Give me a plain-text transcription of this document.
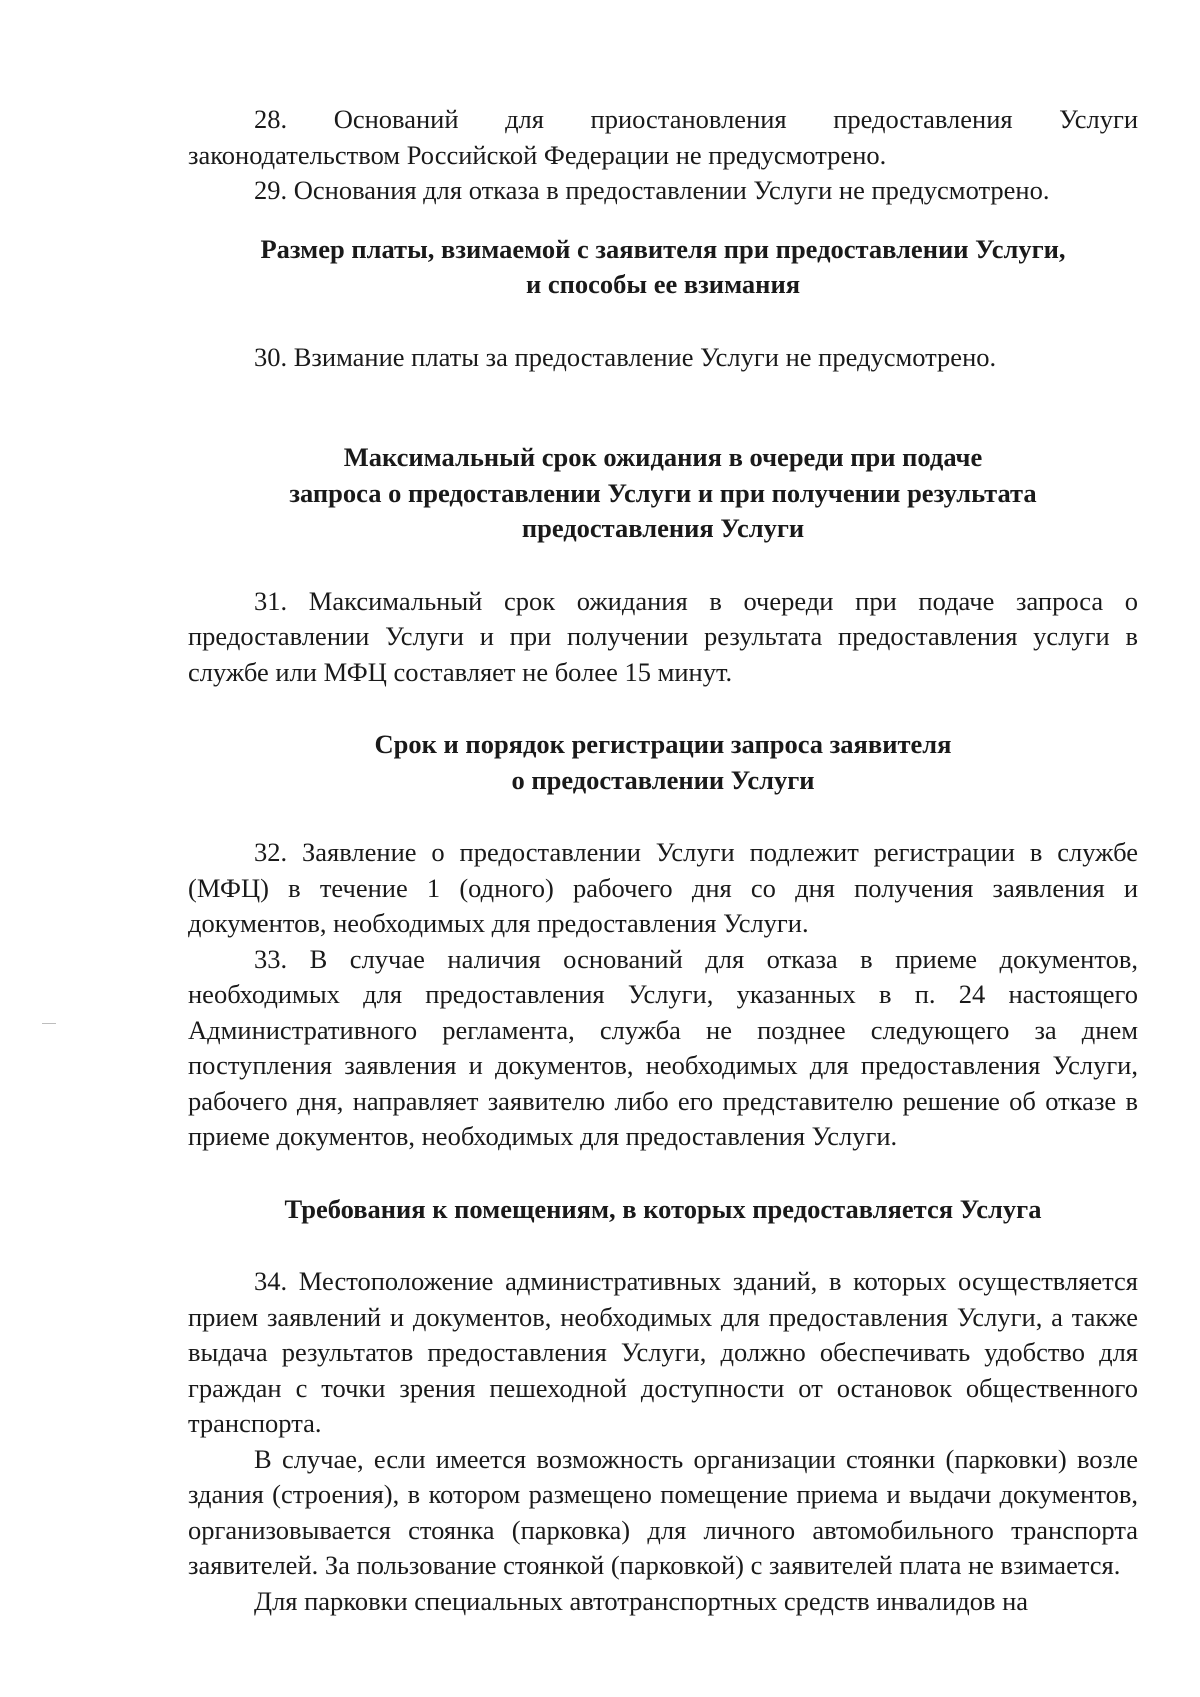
28. Оснований для приостановления предоставления Услуги законодательством Российской Федерации не предусмотрено.

29. Основания для отказа в предоставлении Услуги не предусмотрено.

Размер платы, взимаемой с заявителя при предоставлении Услуги,
и способы ее взимания

30. Взимание платы за предоставление Услуги не предусмотрено.

Максимальный срок ожидания в очереди при подаче
запроса о предоставлении Услуги и при получении результата
предоставления Услуги

31. Максимальный срок ожидания в очереди при подаче запроса о предоставлении Услуги и при получении результата предоставления услуги в службе или МФЦ составляет не более 15 минут.

Срок и порядок регистрации запроса заявителя
о предоставлении Услуги

32. Заявление о предоставлении Услуги подлежит регистрации в службе (МФЦ) в течение 1 (одного) рабочего дня со дня получения заявления и документов, необходимых для предоставления Услуги.

33. В случае наличия оснований для отказа в приеме документов, необходимых для предоставления Услуги, указанных в п. 24 настоящего Административного регламента, служба не позднее следующего за днем поступления заявления и документов, необходимых для предоставления Услуги, рабочего дня, направляет заявителю либо его представителю решение об отказе в приеме документов, необходимых для предоставления Услуги.

Требования к помещениям, в которых предоставляется Услуга

34. Местоположение административных зданий, в которых осуществляется прием заявлений и документов, необходимых для предоставления Услуги, а также выдача результатов предоставления Услуги, должно обеспечивать удобство для граждан с точки зрения пешеходной доступности от остановок общественного транспорта.

В случае, если имеется возможность организации стоянки (парковки) возле здания (строения), в котором размещено помещение приема и выдачи документов, организовывается стоянка (парковка) для личного автомобильного транспорта заявителей. За пользование стоянкой (парковкой) с заявителей плата не взимается.

Для парковки специальных автотранспортных средств инвалидов на
